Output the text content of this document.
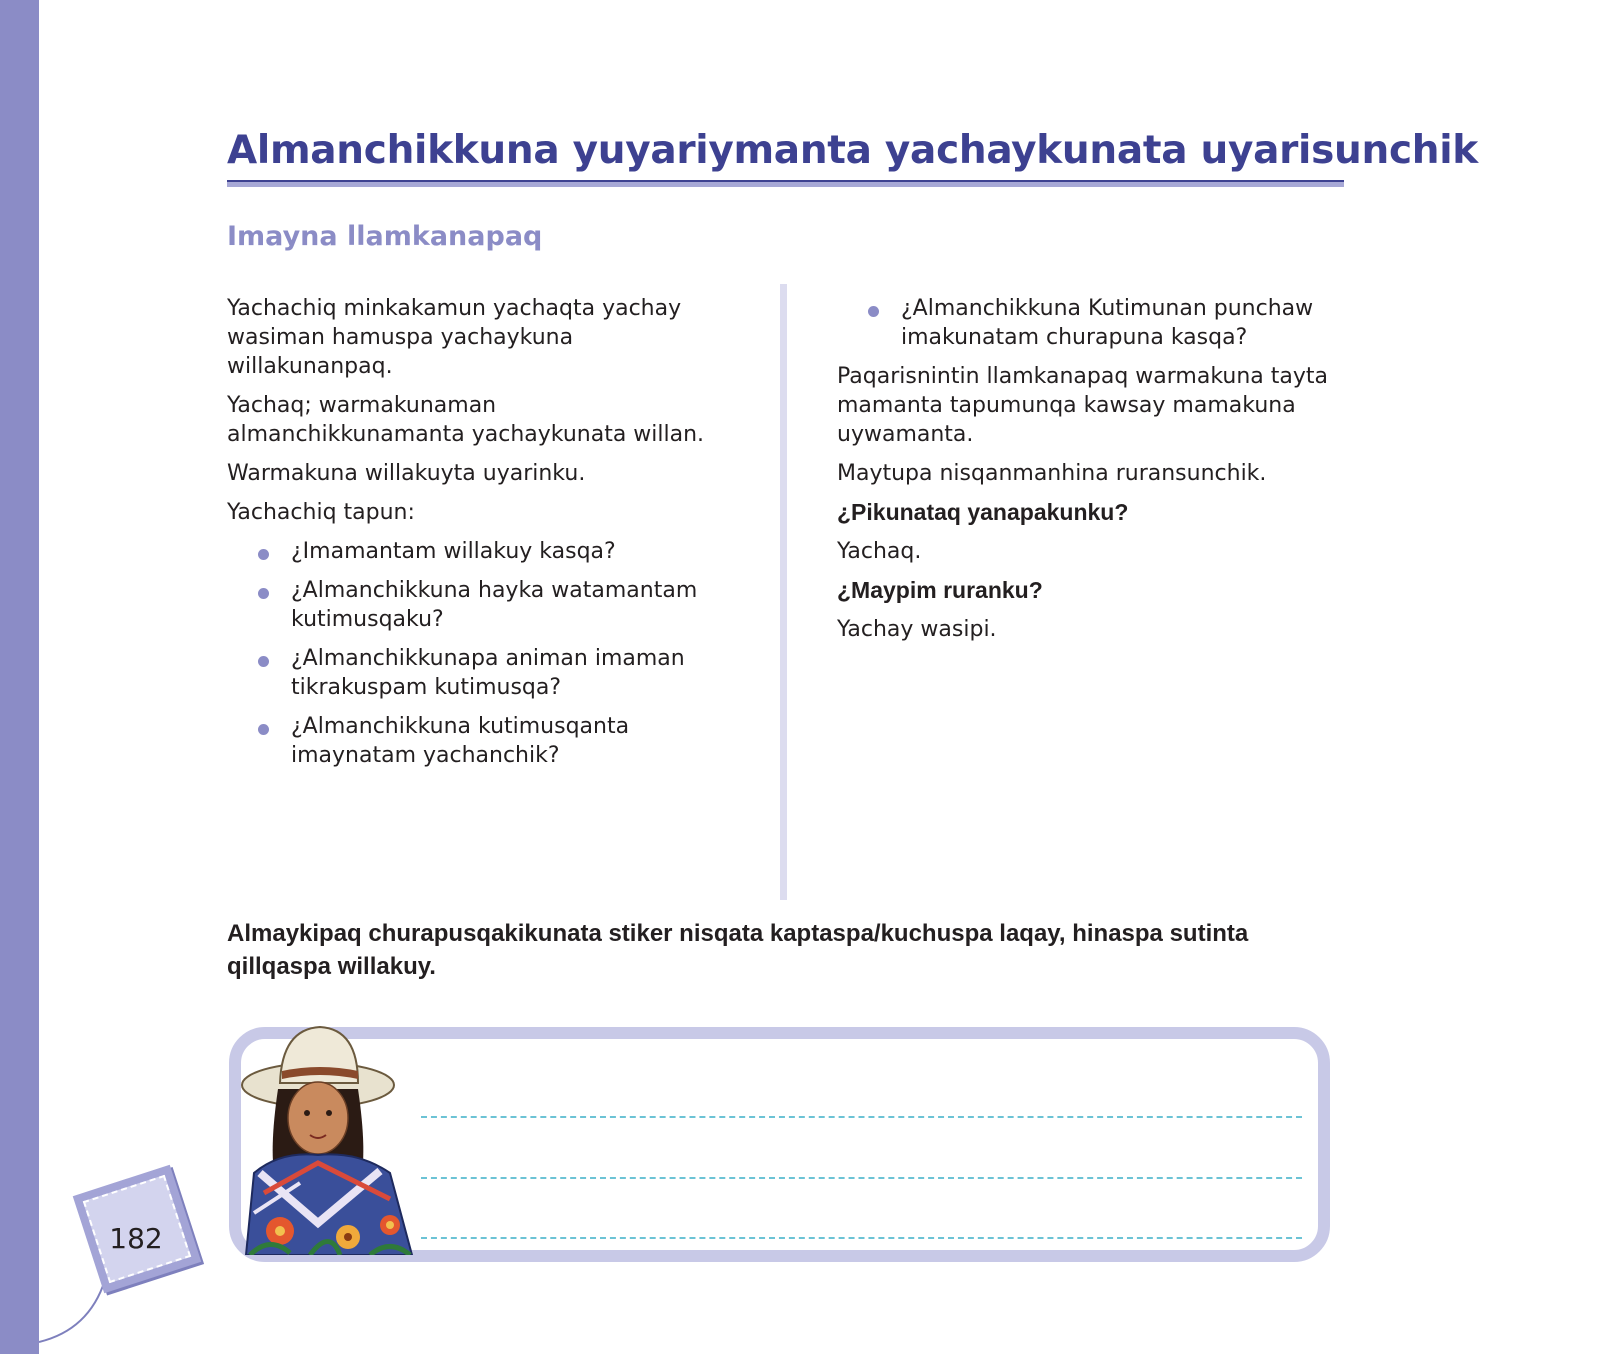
Almanchikkuna yuyariymanta yachaykunata uyarisunchik
Imayna llamkanapaq

Yachachiq minkakamun yachaqta yachay wasiman hamuspa yachaykuna willakunanpaq.

Yachaq; warmakunaman almanchikkunamanta yachaykunata willan.

Warmakuna willakuyta uyarinku.

Yachachiq tapun:

¿Imamantam willakuy kasqa?
¿Almanchikkuna hayka watamantam kutimusqaku?
¿Almanchikkunapa animan imaman tikrakuspam kutimusqa?
¿Almanchikkuna kutimusqanta imaynatam yachanchik?
¿Almanchikkuna Kutimunan punchaw imakunatam churapuna kasqa?

Paqarisnintin llamkanapaq warmakuna tayta mamanta tapumunqa kawsay mamakuna uywamanta.

Maytupa nisqanmanhina ruransunchik.

¿Pikunataq yanapakunku?

Yachaq.

¿Maypim ruranku?

Yachay wasipi.

Almaykipaq churapusqakikunata stiker nisqata kaptaspa/kuchuspa laqay, hinaspa sutinta qillqaspa willakuy.

182
